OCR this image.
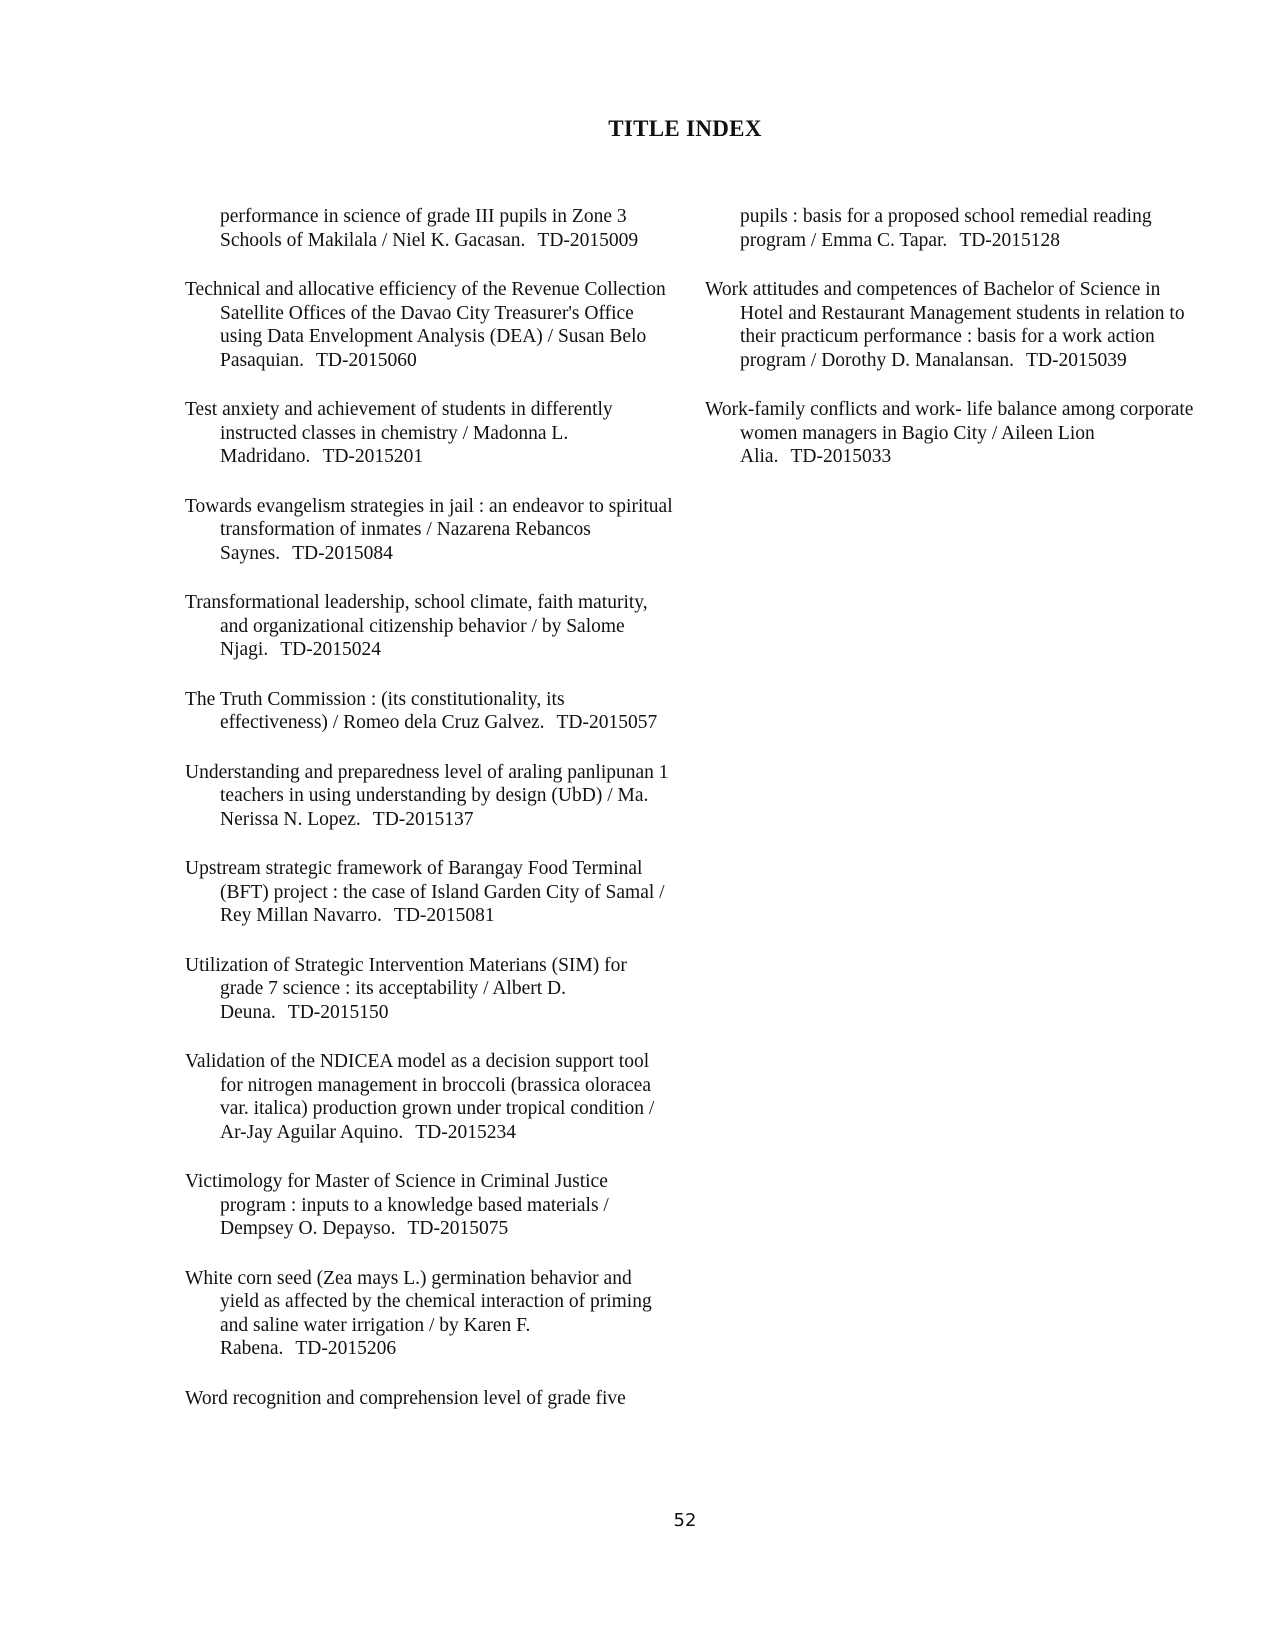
TITLE INDEX

performance in science of grade III pupils in Zone 3 Schools of Makilala / Niel K. Gacasan. TD-2015009

Technical and allocative efficiency of the Revenue Collection Satellite Offices of the Davao City Treasurer's Office using Data Envelopment Analysis (DEA) / Susan Belo Pasaquian. TD-2015060

Test anxiety and achievement of students in differently instructed classes in chemistry / Madonna L. Madridano. TD-2015201

Towards evangelism strategies in jail : an endeavor to spiritual transformation of inmates / Nazarena Rebancos Saynes. TD-2015084

Transformational leadership, school climate, faith maturity, and organizational citizenship behavior / by Salome Njagi. TD-2015024

The Truth Commission : (its constitutionality, its effectiveness) / Romeo dela Cruz Galvez. TD-2015057

Understanding and preparedness level of araling panlipunan 1 teachers in using understanding by design (UbD) / Ma. Nerissa N. Lopez. TD-2015137

Upstream strategic framework of Barangay Food Terminal (BFT) project : the case of Island Garden City of Samal / Rey Millan Navarro. TD-2015081

Utilization of Strategic Intervention Materians (SIM) for grade 7 science : its acceptability / Albert D. Deuna. TD-2015150

Validation of the NDICEA model as a decision support tool for nitrogen management in broccoli (brassica oloracea var. italica) production grown under tropical condition / Ar-Jay Aguilar Aquino. TD-2015234

Victimology for Master of Science in Criminal Justice program : inputs to a knowledge based materials / Dempsey O. Depayso. TD-2015075

White corn seed (Zea mays L.) germination behavior and yield as affected by the chemical interaction of priming and saline water irrigation / by Karen F. Rabena. TD-2015206

Word recognition and comprehension level of grade five

pupils : basis for a proposed school remedial reading program / Emma C. Tapar. TD-2015128

Work attitudes and competences of Bachelor of Science in Hotel and Restaurant Management students in relation to their practicum performance : basis for a work action program / Dorothy D. Manalansan. TD-2015039

Work-family conflicts and work- life balance among corporate women managers in Bagio City / Aileen Lion Alia. TD-2015033

52
